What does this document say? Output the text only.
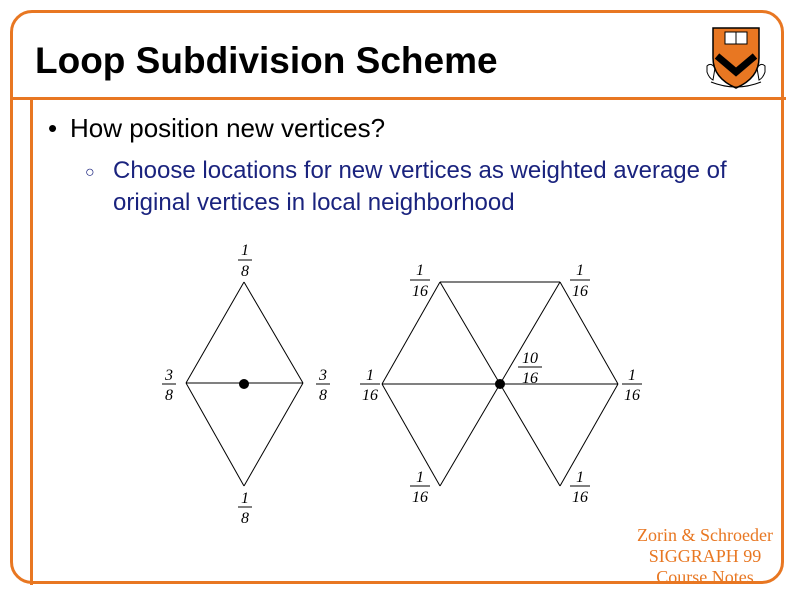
Loop Subdivision Scheme
• How position new vertices?
○ Choose locations for new vertices as weighted average of original vertices in local neighborhood
1
8
3
8
3
8
1
8
1
16
1
16
10
16
1
16
1
16
1
16
1
16
Zorin & Schroeder
SIGGRAPH 99
Course Notes
